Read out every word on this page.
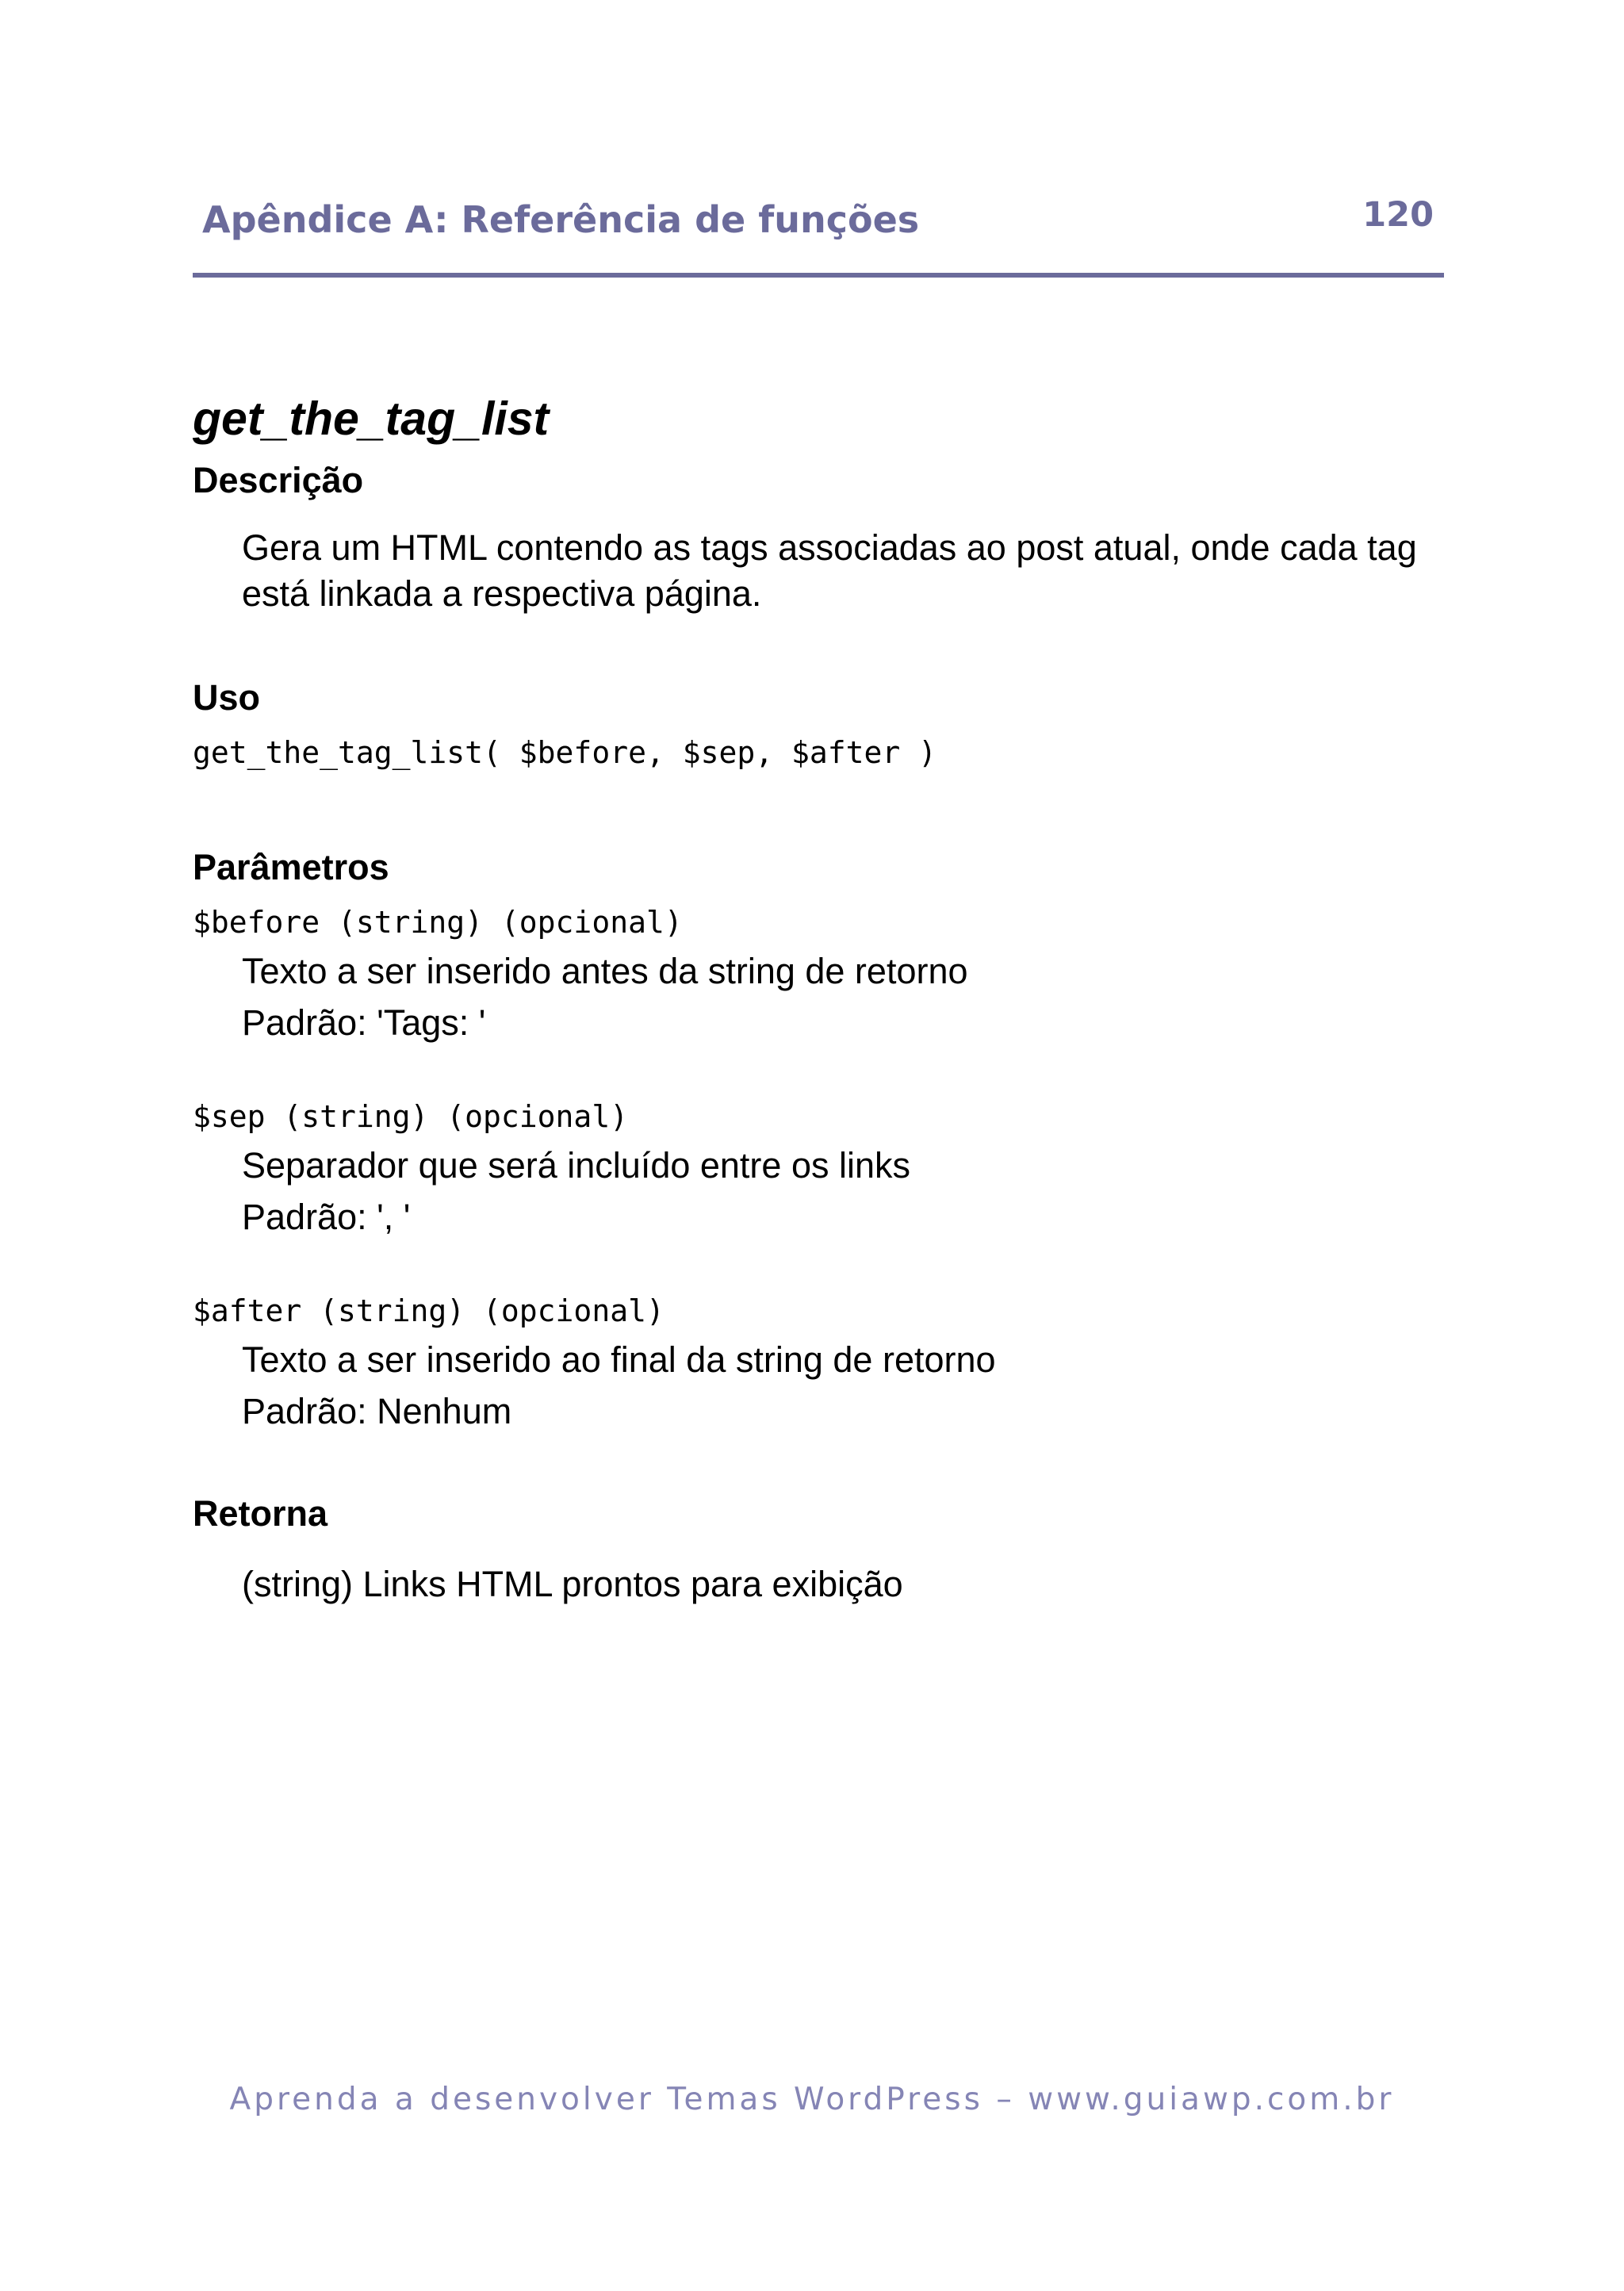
Apêndice A: Referência de funções	120
get_the_tag_list
Descrição

Gera um HTML contendo as tags associadas ao post atual, onde cada tag está linkada a respectiva página.

Uso
get_the_tag_list( $before, $sep, $after )
Parâmetros
$before (string) (opcional)

Texto a ser inserido antes da string de retorno

Padrão: 'Tags: '

$sep (string) (opcional)

Separador que será incluído entre os links

Padrão: ', '

$after (string) (opcional)

Texto a ser inserido ao final da string de retorno

Padrão: Nenhum

Retorna

(string) Links HTML prontos para exibição

Aprenda a desenvolver Temas WordPress – www.guiawp.com.br
